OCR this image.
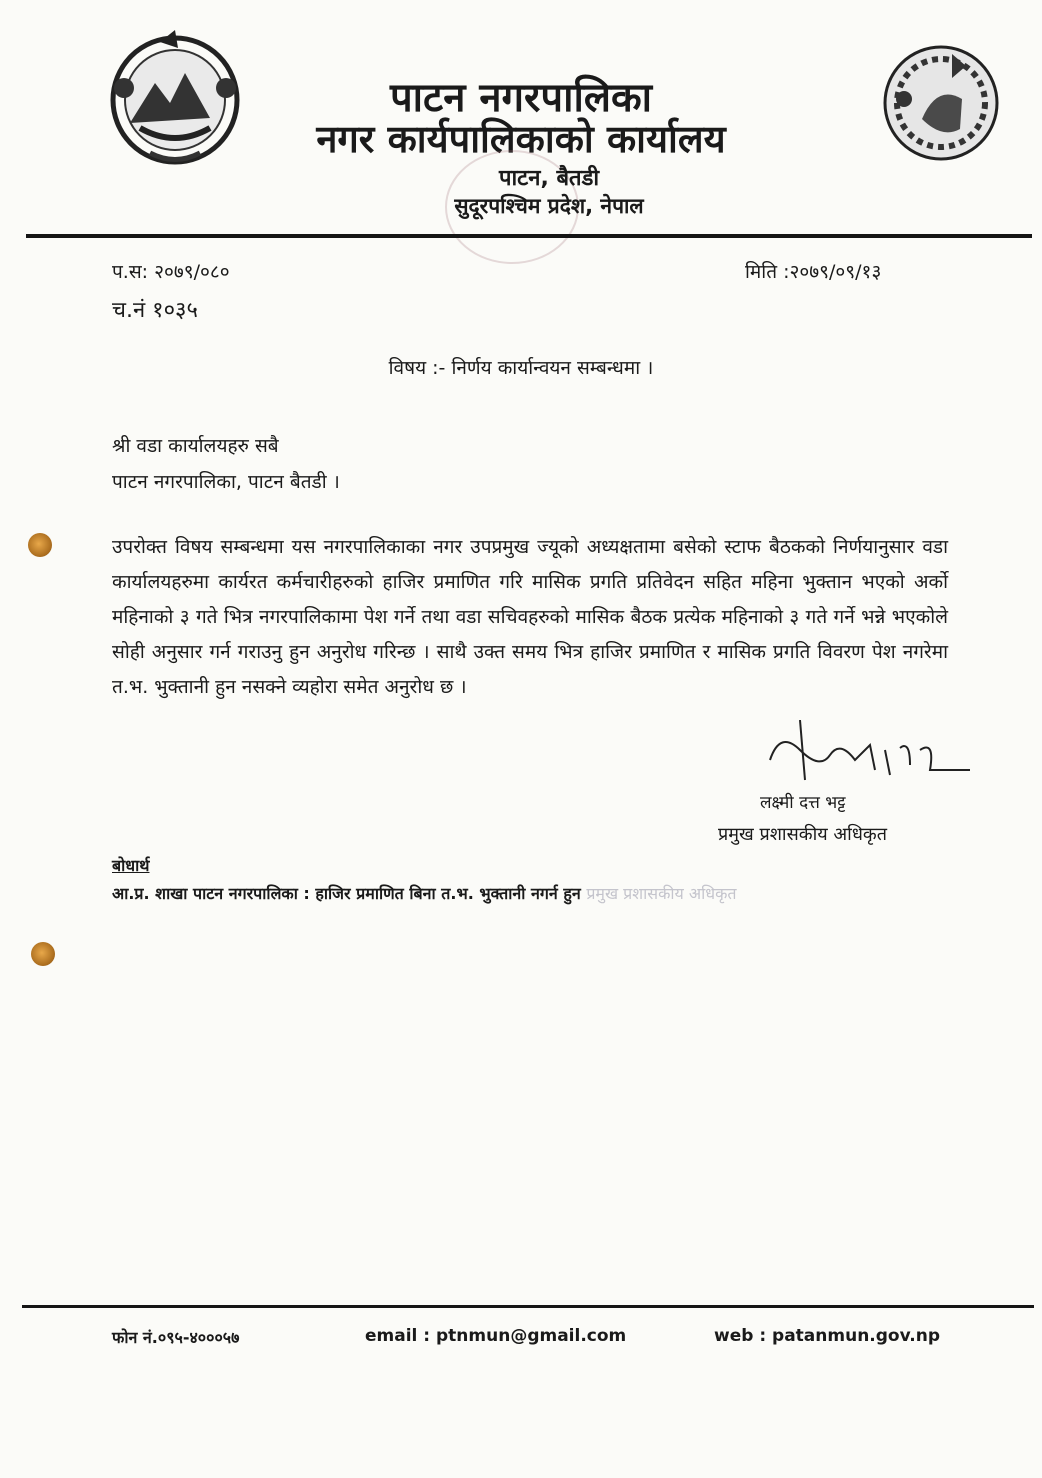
पाटन नगरपालिका
नगर कार्यपालिकाको कार्यालय
पाटन, बैतडी
सुदूरपश्चिम प्रदेश, नेपाल
प.स: २०७९/०८०
च.नं १०३५
मिति :२०७९/०९/१३
विषय :- निर्णय कार्यान्वयन सम्बन्धमा ।
श्री वडा कार्यालयहरु सबै
पाटन नगरपालिका, पाटन बैतडी ।
उपरोक्त विषय सम्बन्धमा यस नगरपालिकाका नगर उपप्रमुख ज्यूको अध्यक्षतामा बसेको स्टाफ बैठकको निर्णयानुसार वडा कार्यालयहरुमा कार्यरत कर्मचारीहरुको हाजिर प्रमाणित गरि मासिक प्रगति प्रतिवेदन सहित महिना भुक्तान भएको अर्को महिनाको ३ गते भित्र नगरपालिकामा पेश गर्ने तथा वडा सचिवहरुको मासिक बैठक प्रत्येक महिनाको ३ गते गर्ने भन्ने भएकोले सोही अनुसार गर्न गराउनु हुन अनुरोध गरिन्छ । साथै उक्त समय भित्र हाजिर प्रमाणित र मासिक प्रगति विवरण पेश नगरेमा त.भ. भुक्तानी हुन नसक्ने व्यहोरा समेत अनुरोध छ ।
लक्ष्मी दत्त भट्ट
प्रमुख प्रशासकीय अधिकृत
बोधार्थ
आ.प्र. शाखा पाटन नगरपालिका : हाजिर प्रमाणित बिना त.भ. भुक्तानी नगर्न हुन प्रमुख प्रशासकीय अधिकृत
फोन नं.०९५-४०००५७	email : ptnmun@gmail.com	web : patanmun.gov.np
